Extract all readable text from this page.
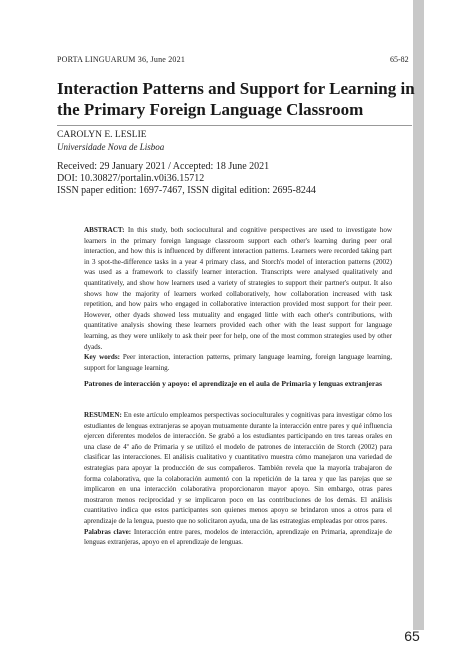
PORTA LINGUARUM 36, June 2021	65-82
Interaction Patterns and Support for Learning in
the Primary Foreign Language Classroom
CAROLYN E. LESLIE
Universidade Nova de Lisboa
Received: 29 January 2021 / Accepted: 18 June 2021
DOI: 10.30827/portalin.v0i36.15712
ISSN paper edition: 1697-7467, ISSN digital edition: 2695-8244

ABSTRACT: In this study, both sociocultural and cognitive perspectives are used to investigate how learners in the primary foreign language classroom support each other's learning during peer oral interaction, and how this is influenced by different interaction patterns. Learners were recorded taking part in 3 spot-the-difference tasks in a year 4 primary class, and Storch's model of interaction patterns (2002) was used as a framework to classify learner interaction. Transcripts were analysed qualitatively and quantitatively, and show how learners used a variety of strategies to support their partner's output. It also shows how the majority of learners worked collaboratively, how collaboration increased with task repetition, and how pairs who engaged in collaborative interaction provided most support for their peer. However, other dyads showed less mutuality and engaged little with each other's contributions, with quantitative analysis showing these learners provided each other with the least support for language learning, as they were unlikely to ask their peer for help, one of the most common strategies used by other dyads.

Key words: Peer interaction, interaction patterns, primary language learning, foreign language learning, support for language learning.

Patrones de interacción y apoyo: el aprendizaje en el aula de Primaria y lenguas extranjeras

RESUMEN: En este artículo empleamos perspectivas socioculturales y cognitivas para investigar cómo los estudiantes de lenguas extranjeras se apoyan mutuamente durante la interacción entre pares y qué influencia ejercen diferentes modelos de interacción. Se grabó a los estudiantes participando en tres tareas orales en una clase de 4º año de Primaria y se utilizó el modelo de patrones de interacción de Storch (2002) para clasificar las interacciones. El análisis cualitativo y cuantitativo muestra cómo manejaron una variedad de estrategias para apoyar la producción de sus compañeros. También revela que la mayoría trabajaron de forma colaborativa, que la colaboración aumentó con la repetición de la tarea y que las parejas que se implicaron en una interacción colaborativa proporcionaron mayor apoyo. Sin embargo, otras pares mostraron menos reciprocidad y se implicaron poco en las contribuciones de los demás. El análisis cuantitativo indica que estos participantes son quienes menos apoyo se brindaron unos a otros para el aprendizaje de la lengua, puesto que no solicitaron ayuda, una de las estrategias empleadas por otros pares.

Palabras clave: Interacción entre pares, modelos de interacción, aprendizaje en Primaria, aprendizaje de lenguas extranjeras, apoyo en el aprendizaje de lenguas.

65
